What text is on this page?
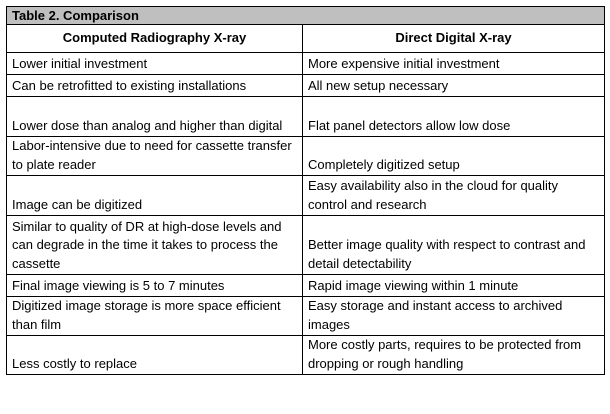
Table 2. Comparison	
Computed Radiography X-ray	Direct Digital X-ray
Lower initial investment	More expensive initial investment
Can be retrofitted to existing installations	All new setup necessary
Lower dose than analog and higher than digital	Flat panel detectors allow low dose
Labor-intensive due to need for cassette transfer to plate reader	Completely digitized setup
Image can be digitized	Easy availability also in the cloud for quality control and research
Similar to quality of DR at high-dose levels and can degrade in the time it takes to process the cassette	Better image quality with respect to contrast and detail detectability
Final image viewing is 5 to 7 minutes	Rapid image viewing within 1 minute
Digitized image storage is more space efficient than film	Easy storage and instant access to archived images
Less costly to replace	More costly parts, requires to be protected from dropping or rough handling
